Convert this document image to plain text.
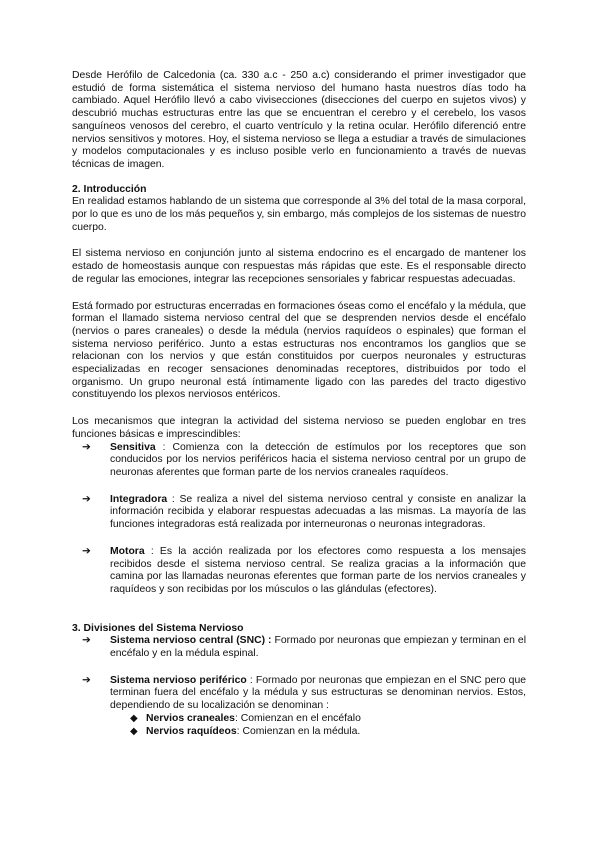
Desde Herófilo de Calcedonia (ca. 330 a.c - 250 a.c) considerando el primer investigador que estudió de forma sistemática el sistema nervioso del humano hasta nuestros días todo ha cambiado. Aquel Herófilo llevó a cabo vivisecciones (disecciones del cuerpo en sujetos vivos) y descubrió muchas estructuras entre las que se encuentran el cerebro y el cerebelo, los vasos sanguíneos venosos del cerebro, el cuarto ventrículo y la retina ocular. Herófilo diferenció entre nervios sensitivos y motores. Hoy, el sistema nervioso se llega a estudiar a través de simulaciones y modelos computacionales y es incluso posible verlo en funcionamiento a través de nuevas técnicas de imagen.

2. Introducción

En realidad estamos hablando de un sistema que corresponde al 3% del total de la masa corporal, por lo que es uno de los más pequeños y, sin embargo, más complejos de los sistemas de nuestro cuerpo.

El sistema nervioso en conjunción junto al sistema endocrino es el encargado de mantener los estado de homeostasis aunque con respuestas más rápidas que este. Es el responsable directo de regular las emociones, integrar las recepciones sensoriales y fabricar respuestas adecuadas.

Está formado por estructuras encerradas en formaciones óseas como el encéfalo y la médula, que forman el llamado sistema nervioso central del que se desprenden nervios desde el encéfalo (nervios o pares craneales) o desde la médula (nervios raquídeos o espinales) que forman el sistema nervioso periférico. Junto a estas estructuras nos encontramos los ganglios que se relacionan con los nervios y que están constituidos por cuerpos neuronales y estructuras especializadas en recoger sensaciones denominadas receptores, distribuidos por todo el organismo. Un grupo neuronal está íntimamente ligado con las paredes del tracto digestivo constituyendo los plexos nerviosos entéricos.

Los mecanismos que integran la actividad del sistema nervioso se pueden englobar en tres funciones básicas e imprescindibles:

➔ Sensitiva : Comienza con la detección de estímulos por los receptores que son conducidos por los nervios periféricos hacia el sistema nervioso central por un grupo de neuronas aferentes que forman parte de los nervios craneales raquídeos.

➔ Integradora : Se realiza a nivel del sistema nervioso central y consiste en analizar la información recibida y elaborar respuestas adecuadas a las mismas. La mayoría de las funciones integradoras está realizada por interneuronas o neuronas integradoras.

➔ Motora : Es la acción realizada por los efectores como respuesta a los mensajes recibidos desde el sistema nervioso central. Se realiza gracias a la información que camina por las llamadas neuronas eferentes que forman parte de los nervios craneales y raquídeos y son recibidas por los músculos o las glándulas (efectores).

3. Divisiones del Sistema Nervioso
➔ Sistema nervioso central (SNC) : Formado por neuronas que empiezan y terminan en el encéfalo y en la médula espinal.

➔ Sistema nervioso periférico : Formado por neuronas que empiezan en el SNC pero que terminan fuera del encéfalo y la médula y sus estructuras se denominan nervios. Estos, dependiendo de su localización se denominan :

◆ Nervios craneales: Comienzan en el encéfalo
◆ Nervios raquídeos: Comienzan en la médula.
